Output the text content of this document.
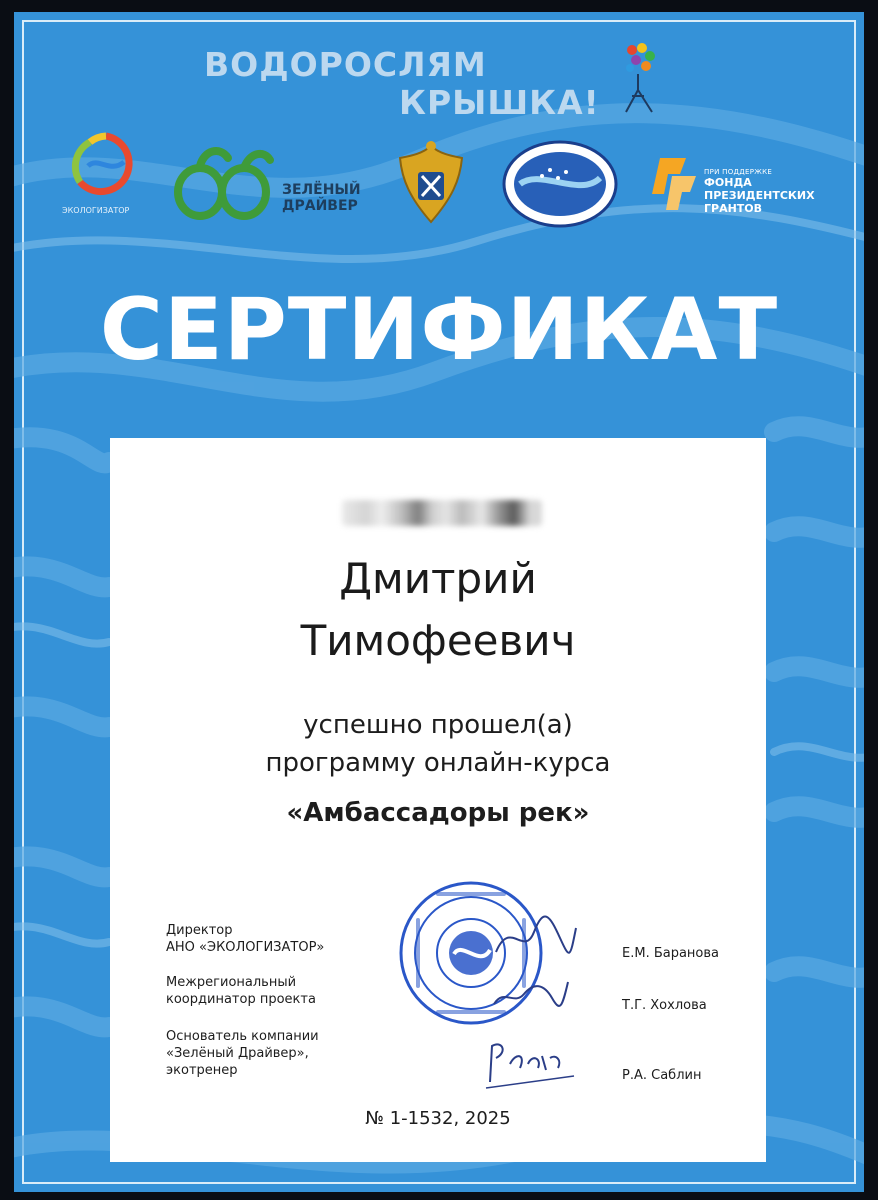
ВОДОРОСЛЯМ
КРЫШКА!
ЭКОЛОГИЗАТОР
ЗЕЛЁНЫЙ ДРАЙВЕР
ПРИ ПОДДЕРЖКЕ
ФОНДА
ПРЕЗИДЕНТСКИХ
ГРАНТОВ
СЕРТИФИКАТ
Дмитрий
Тимофеевич
успешно прошел(а)
программу онлайн-курса
«Амбассадоры рек»
Директор
АНО «ЭКОЛОГИЗАТОР»
Межрегиональный
координатор проекта
Основатель компании
«Зелёный Драйвер»,
экотренер
Е.М. Баранова
Т.Г. Хохлова
Р.А. Саблин
№ 1-1532, 2025
